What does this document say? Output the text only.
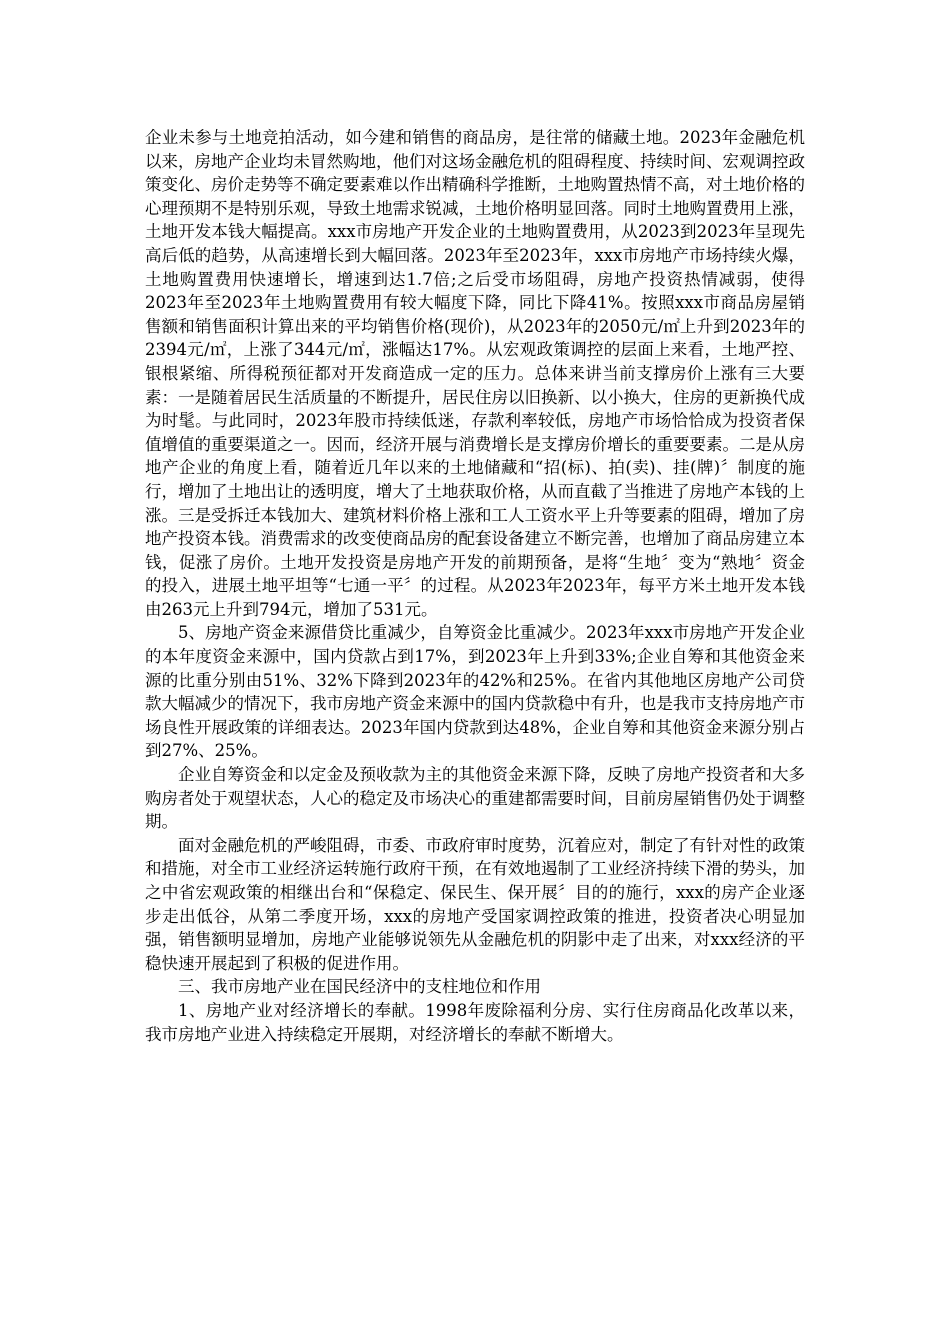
企业未参与土地竞拍活动，如今建和销售的商品房，是往常的储藏土地。2023年金融危机以来，房地产企业均未冒然购地，他们对这场金融危机的阻碍程度、持续时间、宏观调控政策变化、房价走势等不确定要素难以作出精确科学推断，土地购置热情不高，对土地价格的心理预期不是特别乐观，导致土地需求锐减，土地价格明显回落。同时土地购置费用上涨，土地开发本钱大幅提高。xxx市房地产开发企业的土地购置费用，从2023到2023年呈现先高后低的趋势，从高速增长到大幅回落。2023年至2023年，xxx市房地产市场持续火爆，土地购置费用快速增长，增速到达1.7倍;之后受市场阻碍，房地产投资热情减弱，使得2023年至2023年土地购置费用有较大幅度下降，同比下降41%。按照xxx市商品房屋销售额和销售面积计算出来的平均销售价格(现价)，从2023年的2050元/㎡上升到2023年的2394元/㎡，上涨了344元/㎡，涨幅达17%。从宏观政策调控的层面上来看，土地严控、银根紧缩、所得税预征都对开发商造成一定的压力。总体来讲当前支撑房价上涨有三大要素：一是随着居民生活质量的不断提升，居民住房以旧换新、以小换大，住房的更新换代成为时髦。与此同时，2023年股市持续低迷，存款利率较低，房地产市场恰恰成为投资者保值增值的重要渠道之一。因而，经济开展与消费增长是支撑房价增长的重要要素。二是从房地产企业的角度上看，随着近几年以来的土地储藏和“招(标)、拍(卖)、挂(牌)〞制度的施行，增加了土地出让的透明度，增大了土地获取价格，从而直截了当推进了房地产本钱的上涨。三是受拆迁本钱加大、建筑材料价格上涨和工人工资水平上升等要素的阻碍，增加了房地产投资本钱。消费需求的改变使商品房的配套设备建立不断完善，也增加了商品房建立本钱，促涨了房价。土地开发投资是房地产开发的前期预备，是将“生地〞变为“熟地〞资金的投入，进展土地平坦等“七通一平〞的过程。从2023年2023年，每平方米土地开发本钱由263元上升到794元，增加了531元。

5、房地产资金来源借贷比重减少，自筹资金比重减少。2023年xxx市房地产开发企业的本年度资金来源中，国内贷款占到17%，到2023年上升到33%;企业自筹和其他资金来源的比重分别由51%、32%下降到2023年的42%和25%。在省内其他地区房地产公司贷款大幅减少的情况下，我市房地产资金来源中的国内贷款稳中有升，也是我市支持房地产市场良性开展政策的详细表达。2023年国内贷款到达48%，企业自筹和其他资金来源分别占到27%、25%。

企业自筹资金和以定金及预收款为主的其他资金来源下降，反映了房地产投资者和大多购房者处于观望状态，人心的稳定及市场决心的重建都需要时间，目前房屋销售仍处于调整期。

面对金融危机的严峻阻碍，市委、市政府审时度势，沉着应对，制定了有针对性的政策和措施，对全市工业经济运转施行政府干预，在有效地遏制了工业经济持续下滑的势头，加之中省宏观政策的相继出台和“保稳定、保民生、保开展〞目的的施行，xxx的房产企业逐步走出低谷，从第二季度开场，xxx的房地产受国家调控政策的推进，投资者决心明显加强，销售额明显增加，房地产业能够说领先从金融危机的阴影中走了出来，对xxx经济的平稳快速开展起到了积极的促进作用。

三、我市房地产业在国民经济中的支柱地位和作用

1、房地产业对经济增长的奉献。1998年废除福利分房、实行住房商品化改革以来，我市房地产业进入持续稳定开展期，对经济增长的奉献不断增大。
